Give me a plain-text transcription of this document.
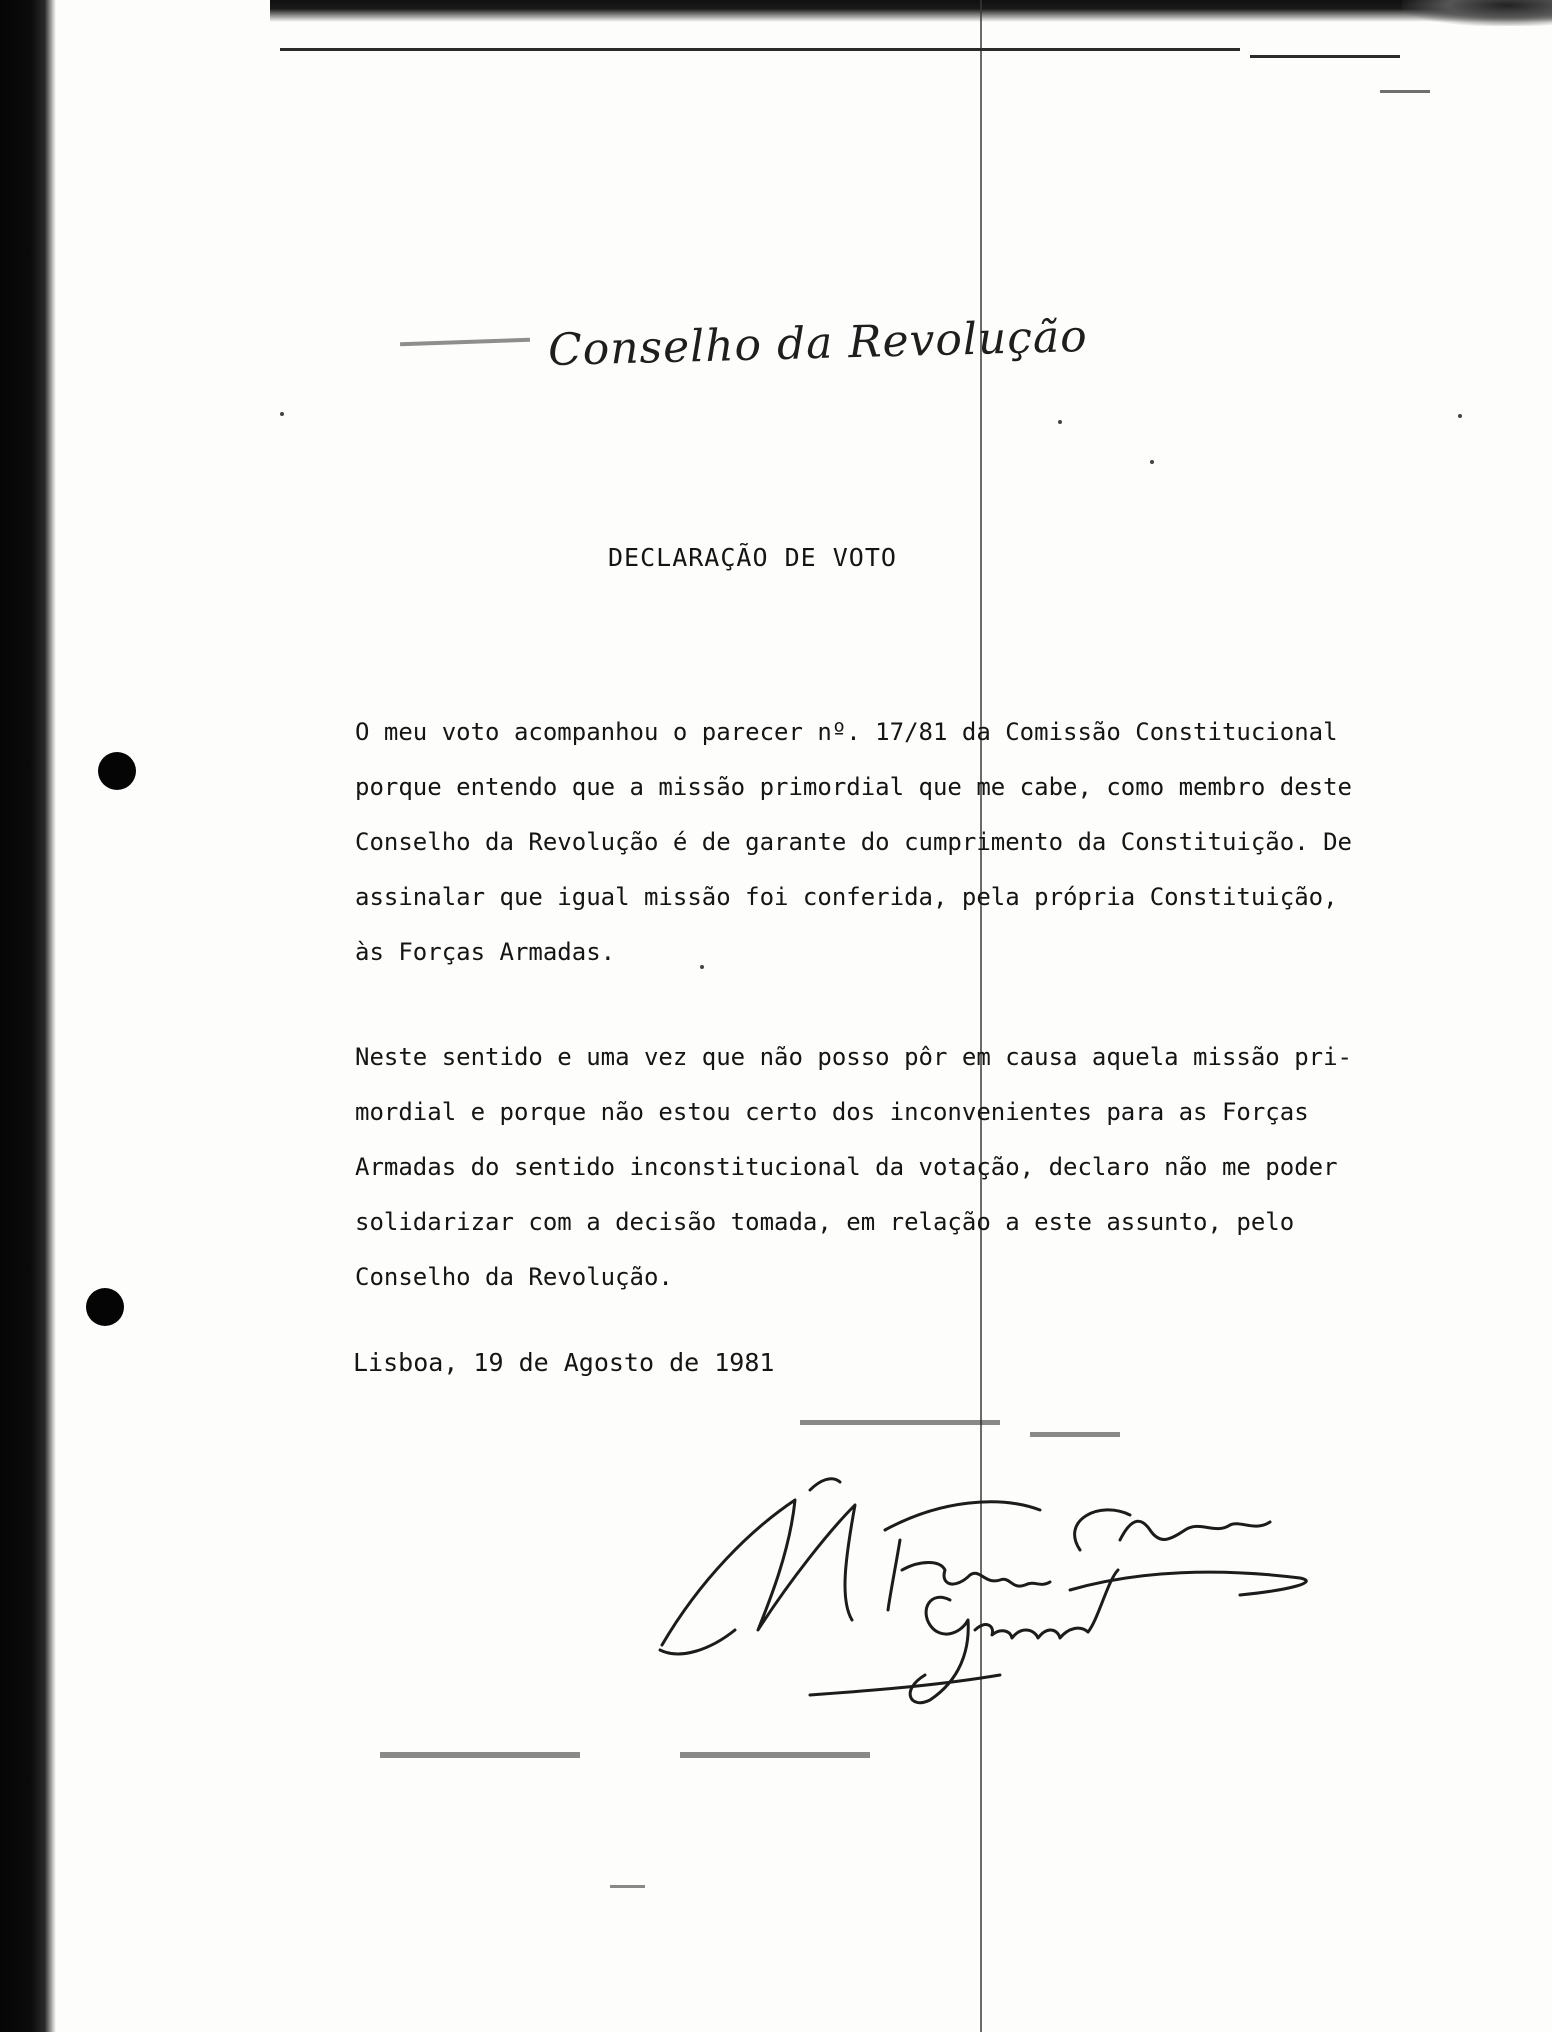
Conselho da Revolução
DECLARAÇÃO DE VOTO
O meu voto acompanhou o parecer nº. 17/81 da Comissão Constitucional
porque entendo que a missão primordial que me cabe, como membro deste
Conselho da Revolução é de garante do cumprimento da Constituição. De
assinalar que igual missão foi conferida, pela própria Constituição,
às Forças Armadas.
Neste sentido e uma vez que não posso pôr em causa aquela missão pri-
mordial e porque não estou certo dos inconvenientes para as Forças
Armadas do sentido inconstitucional da votação, declaro não me poder
solidarizar com a decisão tomada, em relação a este assunto, pelo
Conselho da Revolução.
Lisboa, 19 de Agosto de 1981
